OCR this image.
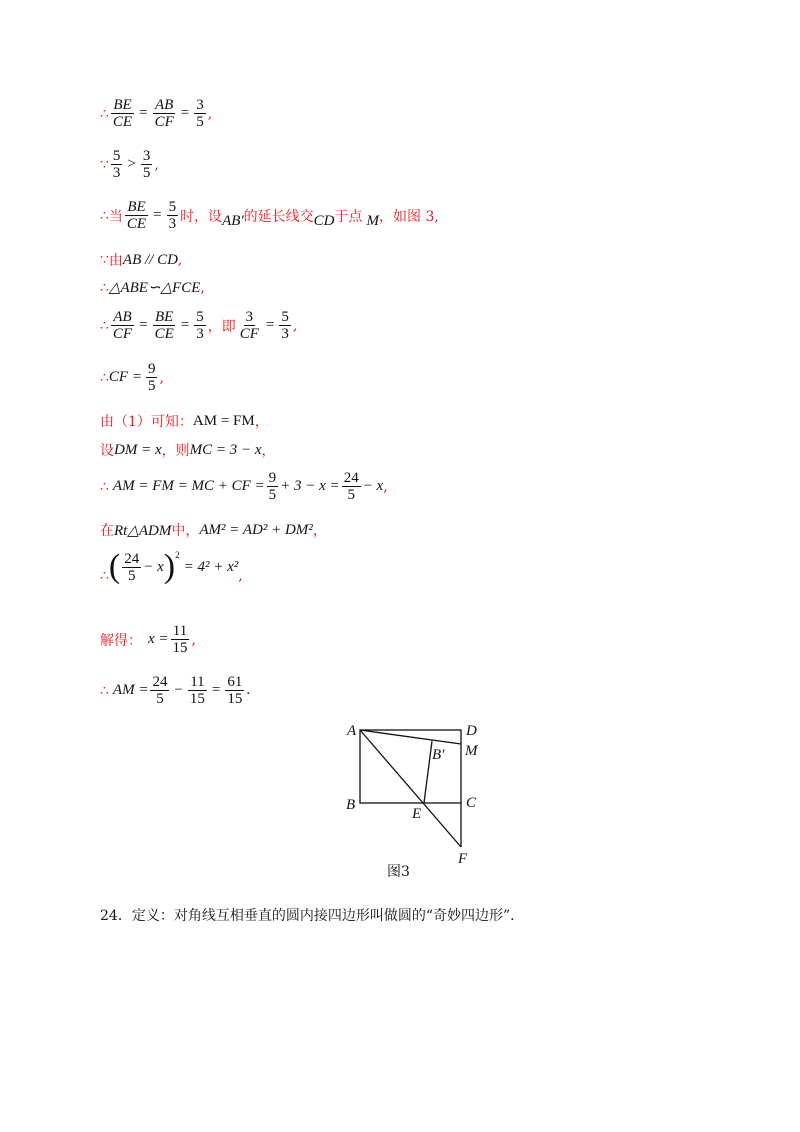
∴ $\frac{BE}{CE} = \frac{AB}{CF} = \frac{3}{5}$ ,
∵ $\frac{5}{3} > \frac{3}{5}$ ,
∴ 当 $\frac{BE}{CE} = \frac{5}{3}$ 时，设 AB′ 的延长线交 CD 于点 M ，如图 3,
∵ 由 AB // CD ,
∴ △ABE∽△FCE ,
∴ $\frac{AB}{CF} = \frac{BE}{CE} = \frac{5}{3}$ ，即 $\frac{3}{CF} = \frac{5}{3}$ ,
∴ CF = $\frac{9}{5}$ ,
由（1）可知： AM = FM ，
设 DM = x ，则 MC = 3 − x ，
∴ AM = FM = MC + CF = $\frac{9}{5} + 3 - x = \frac{24}{5} - x$ ,
在 Rt△ADM 中， AM² = AD² + DM² ，
∴ ( $\frac{24}{5} - x$ ) 2
= 4² + x²
,
解得： $x = \frac{11}{15}$ ,
∴ AM = $\frac{24}{5} - \frac{11}{15} = \frac{61}{15}$ .
A	D
M
B′
B	C
E
F
图3
24．定义：对角线互相垂直的圆内接四边形叫做圆的“奇妙四边形”．
